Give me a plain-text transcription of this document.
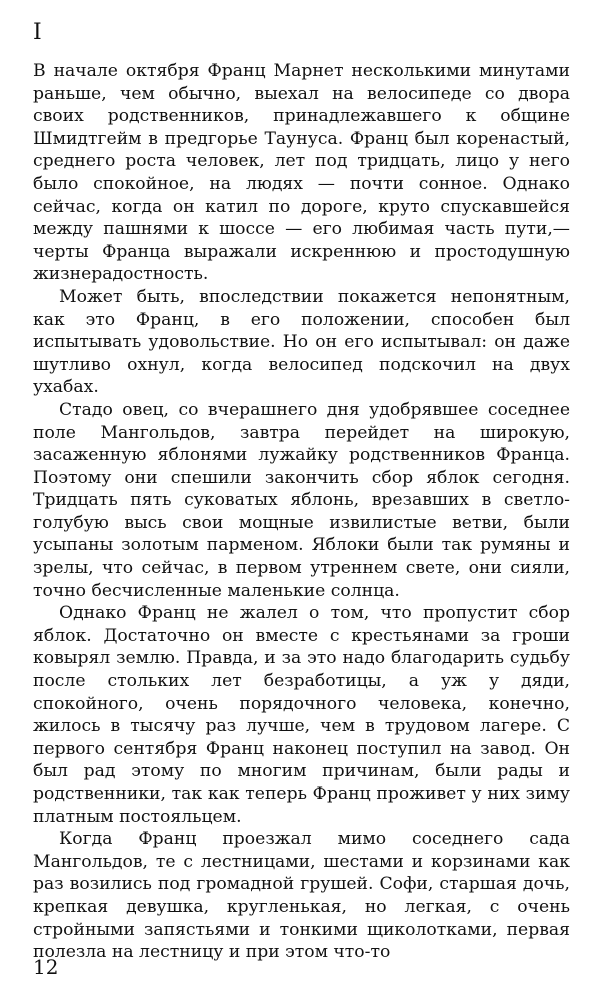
I

В начале октября Франц Марнет несколькими минутами раньше, чем обычно, выехал на велосипеде со двора своих родственников, принадлежавшего к общине Шмидтгейм в предгорье Таунуса. Франц был коренастый, среднего роста человек, лет под тридцать, лицо у него было спокойное, на людях — почти сонное. Однако сейчас, когда он катил по дороге, круто спускавшейся между пашнями к шоссе — его любимая часть пути,— черты Франца выражали искреннюю и простодушную жизнерадостность.

Может быть, впоследствии покажется непонятным, как это Франц, в его положении, способен был испытывать удовольствие. Но он его испытывал: он даже шутливо охнул, когда велосипед подскочил на двух ухабах.

Стадо овец, со вчерашнего дня удобрявшее соседнее поле Мангольдов, завтра перейдет на широкую, засаженную яблонями лужайку родственников Франца. Поэтому они спешили закончить сбор яблок сегодня. Тридцать пять суковатых яблонь, врезавших в светло-голубую высь свои мощные извилистые ветви, были усыпаны золотым парменом. Яблоки были так румяны и зрелы, что сейчас, в первом утреннем свете, они сияли, точно бесчисленные маленькие солнца.

Однако Франц не жалел о том, что пропустит сбор яблок. Достаточно он вместе с крестьянами за гроши ковырял землю. Правда, и за это надо благодарить судьбу после стольких лет безработицы, а уж у дяди, спокойного, очень порядочного человека, конечно, жилось в тысячу раз лучше, чем в трудовом лагере. С первого сентября Франц наконец поступил на завод. Он был рад этому по многим причинам, были рады и родственники, так как теперь Франц проживет у них зиму платным постояльцем.

Когда Франц проезжал мимо соседнего сада Мангольдов, те с лестницами, шестами и корзинами как раз возились под громадной грушей. Софи, старшая дочь, крепкая девушка, кругленькая, но легкая, с очень стройными запястьями и тонкими щиколотками, первая полезла на лестницу и при этом что-то

12
